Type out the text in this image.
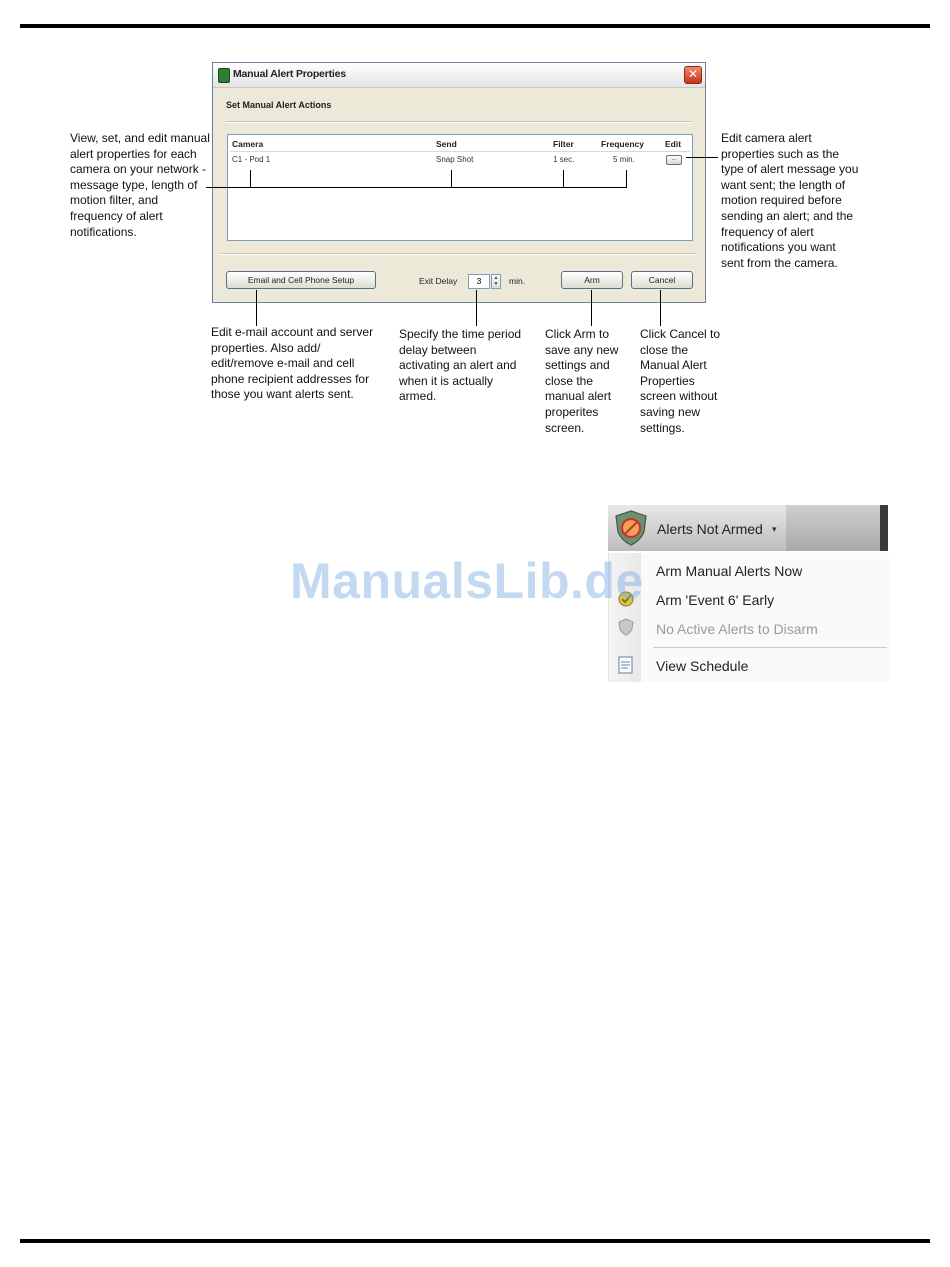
Manual Alert Properties	✕
Set Manual Alert Actions
Camera	Send	Filter	Frequency Edit
C1 - Pod 1	Snap Shot	1 sec.	5 min.	...
Email and Cell Phone Setup	Exit Delay	3	▲
▼ min.	Arm	Cancel
View, set, and edit manual alert properties for each camera on your network - message type, length of motion filter, and frequency of alert notifications.
Edit camera alert properties such as the type of alert message you want sent; the length of motion required before sending an alert; and the frequency of alert notifications you want sent from the camera.
Edit e-mail account and server properties. Also add/ edit/remove e-mail and cell phone recipient addresses for those you want alerts sent.
Specify the time period delay between activating an alert and when it is actually armed.
Click Arm to save any new settings and close the manual alert properites screen.
Click Cancel to close the Manual Alert Properties screen without saving new settings.
Alerts Not Armed ▾
Arm Manual Alerts Now
Arm 'Event 6' Early
No Active Alerts to Disarm
View Schedule
ManualsLib.de
